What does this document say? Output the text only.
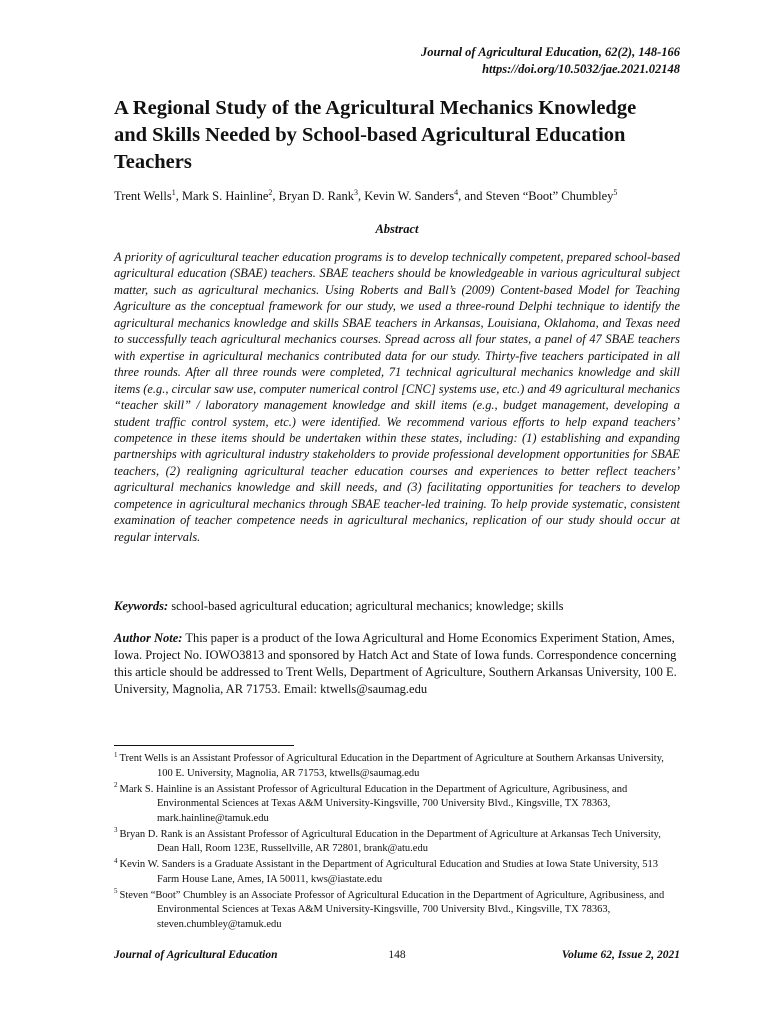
Journal of Agricultural Education, 62(2), 148-166
https://doi.org/10.5032/jae.2021.02148
A Regional Study of the Agricultural Mechanics Knowledge and Skills Needed by School-based Agricultural Education Teachers
Trent Wells$^1$, Mark S. Hainline$^2$, Bryan D. Rank$^3$, Kevin W. Sanders$^4$, and Steven “Boot” Chumbley$^5$
Abstract

A priority of agricultural teacher education programs is to develop technically competent, prepared school-based agricultural education (SBAE) teachers. SBAE teachers should be knowledgeable in various agricultural subject matter, such as agricultural mechanics. Using Roberts and Ball’s (2009) Content-based Model for Teaching Agriculture as the conceptual framework for our study, we used a three-round Delphi technique to identify the agricultural mechanics knowledge and skills SBAE teachers in Arkansas, Louisiana, Oklahoma, and Texas need to successfully teach agricultural mechanics courses. Spread across all four states, a panel of 47 SBAE teachers with expertise in agricultural mechanics contributed data for our study. Thirty-five teachers participated in all three rounds. After all three rounds were completed, 71 technical agricultural mechanics knowledge and skill items (e.g., circular saw use, computer numerical control [CNC] systems use, etc.) and 49 agricultural mechanics “teacher skill” / laboratory management knowledge and skill items (e.g., budget management, developing a student traffic control system, etc.) were identified. We recommend various efforts to help expand teachers’ competence in these items should be undertaken within these states, including: (1) establishing and expanding partnerships with agricultural industry stakeholders to provide professional development opportunities for SBAE teachers, (2) realigning agricultural teacher education courses and experiences to better reflect teachers’ agricultural mechanics knowledge and skill needs, and (3) facilitating opportunities for teachers to develop competence in agricultural mechanics through SBAE teacher-led training. To help provide systematic, consistent examination of teacher competence needs in agricultural mechanics, replication of our study should occur at regular intervals.

Keywords: school-based agricultural education; agricultural mechanics; knowledge; skills
Author Note: This paper is a product of the Iowa Agricultural and Home Economics Experiment Station, Ames, Iowa. Project No. IOWO3813 and sponsored by Hatch Act and State of Iowa funds. Correspondence concerning this article should be addressed to Trent Wells, Department of Agriculture, Southern Arkansas University, 100 E. University, Magnolia, AR 71753. Email: ktwells@saumag.edu

$^1$ Trent Wells is an Assistant Professor of Agricultural Education in the Department of Agriculture at Southern Arkansas University, 100 E. University, Magnolia, AR 71753, ktwells@saumag.edu

$^2$ Mark S. Hainline is an Assistant Professor of Agricultural Education in the Department of Agriculture, Agribusiness, and Environmental Sciences at Texas A&M University-Kingsville, 700 University Blvd., Kingsville, TX 78363, mark.hainline@tamuk.edu

$^3$ Bryan D. Rank is an Assistant Professor of Agricultural Education in the Department of Agriculture at Arkansas Tech University, Dean Hall, Room 123E, Russellville, AR 72801, brank@atu.edu

$^4$ Kevin W. Sanders is a Graduate Assistant in the Department of Agricultural Education and Studies at Iowa State University, 513 Farm House Lane, Ames, IA 50011, kws@iastate.edu

$^5$ Steven “Boot” Chumbley is an Associate Professor of Agricultural Education in the Department of Agriculture, Agribusiness, and Environmental Sciences at Texas A&M University-Kingsville, 700 University Blvd., Kingsville, TX 78363, steven.chumbley@tamuk.edu

Journal of Agricultural Education	148	Volume 62, Issue 2, 2021
